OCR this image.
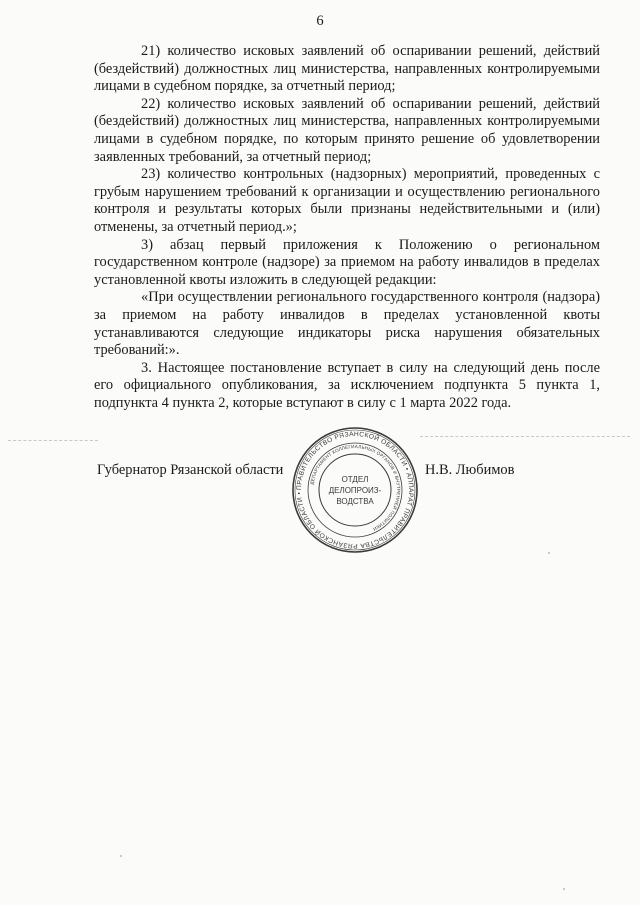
6

21) количество исковых заявлений об оспаривании решений, действий (бездействий) должностных лиц министерства, направленных контролируемыми лицами в судебном порядке, за отчетный период;

22) количество исковых заявлений об оспаривании решений, действий (бездействий) должностных лиц министерства, направленных контролируемыми лицами в судебном порядке, по которым принято решение об удовлетворении заявленных требований, за отчетный период;

23) количество контрольных (надзорных) мероприятий, проведенных с грубым нарушением требований к организации и осуществлению регионального контроля и результаты которых были признаны недействительными и (или) отменены, за отчетный период.»;

3) абзац первый приложения к Положению о региональном государственном контроле (надзоре) за приемом на работу инвалидов в пределах установленной квоты изложить в следующей редакции:

«При осуществлении регионального государственного контроля (надзора) за приемом на работу инвалидов в пределах установленной квоты устанавливаются следующие индикаторы риска нарушения обязательных требований:».

3. Настоящее постановление вступает в силу на следующий день после его официального опубликования, за исключением подпункта 5 пункта 1, подпункта 4 пункта 2, которые вступают в силу с 1 марта 2022 года.

Губернатор Рязанской области	Н.В. Любимов
ПРАВИТЕЛЬСТВО РЯЗАНСКОЙ ОБЛАСТИ • АППАРАТ ПРАВИТЕЛЬСТВА РЯЗАНСКОЙ ОБЛАСТИ •
ДЕПАРТАМЕНТ КОЛЛЕГИАЛЬНЫХ ОРГАНОВ И ВНУТРЕННЕЙ ПОЛИТИКИ
ОТДЕЛ
ДЕЛОПРОИЗ-
ВОДСТВА
